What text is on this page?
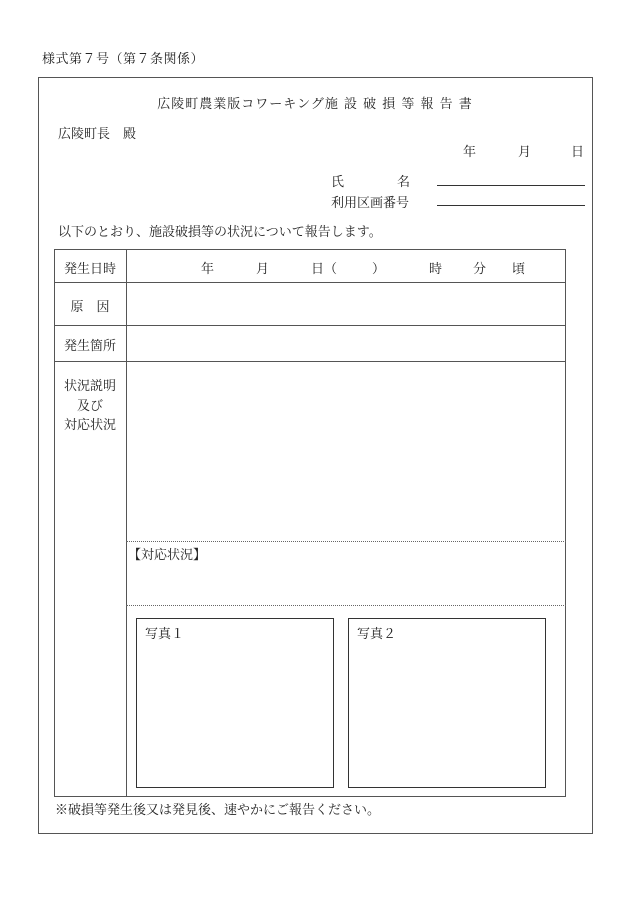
様式第７号（第７条関係）
広陵町農業版コワーキング施 設 破 損 等 報 告 書
広陵町長　殿
年	月	日
氏	名
利用区画番号
以下のとおり、施設破損等の状況について報告します。
発生日時	年	月	日（	）	時 分 頃
原　因
発生箇所
状況説明
及び
対応状況
【対応状況】
写真１	写真２
※破損等発生後又は発見後、速やかにご報告ください。
